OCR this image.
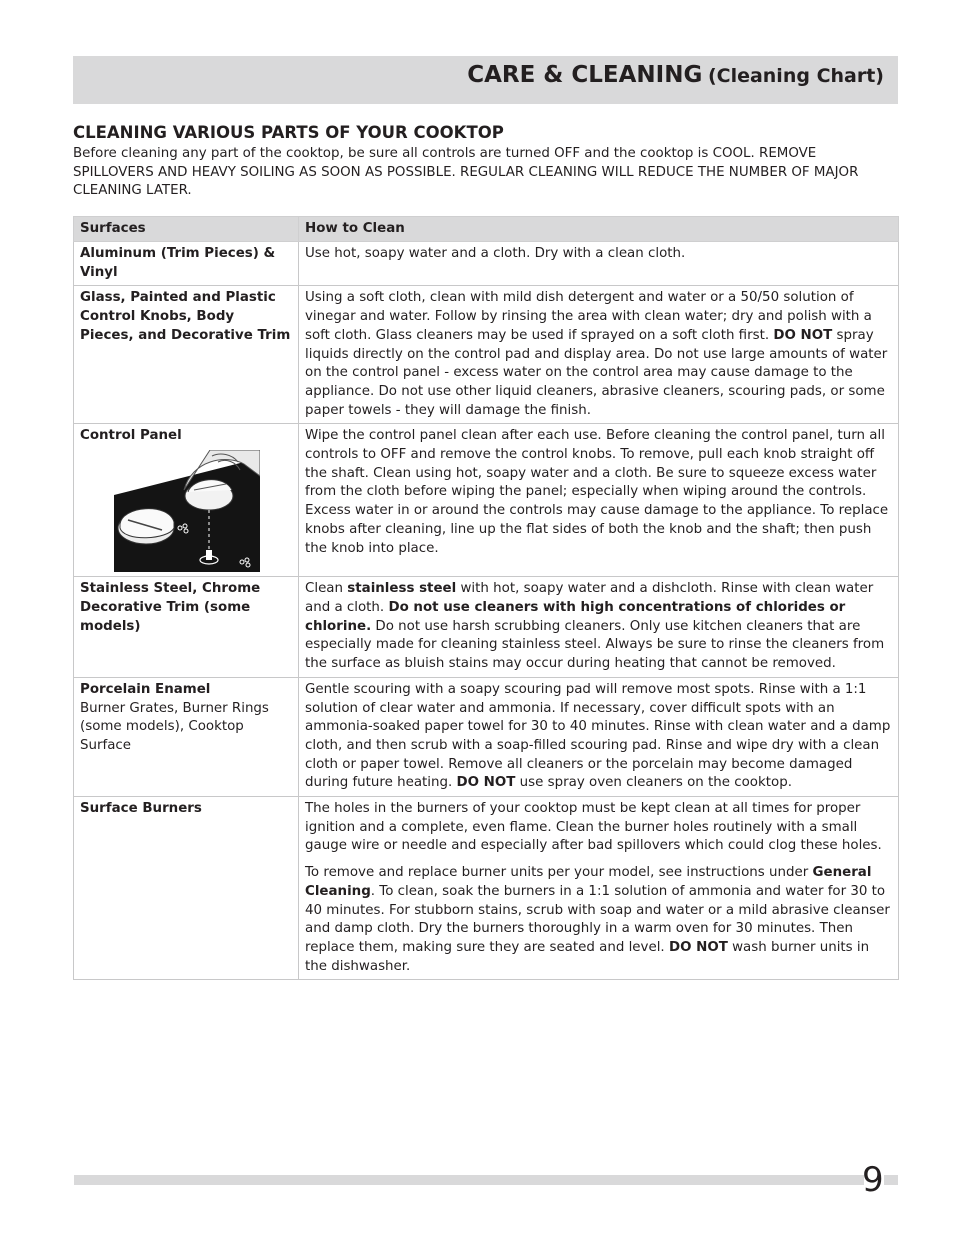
CARE & CLEANING (Cleaning Chart)
CLEANING VARIOUS PARTS OF YOUR COOKTOP
Before cleaning any part of the cooktop, be sure all controls are turned OFF and the cooktop is COOL. REMOVE SPILLOVERS AND HEAVY SOILING AS SOON AS POSSIBLE. REGULAR CLEANING WILL REDUCE THE NUMBER OF MAJOR CLEANING LATER.
Surfaces	How to Clean
Aluminum (Trim Pieces) & Vinyl	Use hot, soapy water and a cloth. Dry with a clean cloth.
Glass, Painted and Plastic Control Knobs, Body Pieces, and Decorative Trim	Using a soft cloth, clean with mild dish detergent and water or a 50/50 solution of vinegar and water. Follow by rinsing the area with clean water; dry and polish with a soft cloth. Glass cleaners may be used if sprayed on a soft cloth first. DO NOT spray liquids directly on the control pad and display area. Do not use large amounts of water on the control panel - excess water on the control area may cause damage to the appliance. Do not use other liquid cleaners, abrasive cleaners, scouring pads, or some paper towels - they will damage the finish.

Control Panel	Wipe the control panel clean after each use. Before cleaning the control panel, turn all controls to OFF and remove the control knobs. To remove, pull each knob straight off the shaft. Clean using hot, soapy water and a cloth. Be sure to squeeze excess water from the cloth before wiping the panel; especially when wiping around the controls. Excess water in or around the controls may cause damage to the appliance. To replace knobs after cleaning, line up the flat sides of both the knob and the shaft; then push the knob into place.
Stainless Steel, Chrome Decorative Trim (some models)	Clean stainless steel with hot, soapy water and a dishcloth. Rinse with clean water and a cloth. Do not use cleaners with high concentrations of chlorides or chlorine. Do not use harsh scrubbing cleaners. Only use kitchen cleaners that are especially made for cleaning stainless steel. Always be sure to rinse the cleaners from the surface as bluish stains may occur during heating that cannot be removed.

Porcelain Enamel
Burner Grates, Burner Rings (some models), Cooktop Surface	Gentle scouring with a soapy scouring pad will remove most spots. Rinse with a 1:1 solution of clear water and ammonia. If necessary, cover difficult spots with an ammonia-soaked paper towel for 30 to 40 minutes. Rinse with clean water and a damp cloth, and then scrub with a soap-filled scouring pad. Rinse and wipe dry with a clean cloth or paper towel. Remove all cleaners or the porcelain may become damaged during future heating. DO NOT use spray oven cleaners on the cooktop.
Surface Burners	The holes in the burners of your cooktop must be kept clean at all times for proper ignition and a complete, even flame. Clean the burner holes routinely with a small gauge wire or needle and especially after bad spillovers which could clog these holes.

To remove and replace burner units per your model, see instructions under General Cleaning. To clean, soak the burners in a 1:1 solution of ammonia and water for 30 to 40 minutes. For stubborn stains, scrub with soap and water or a mild abrasive cleanser and damp cloth. Dry the burners thoroughly in a warm oven for 30 minutes. Then replace them, making sure they are seated and level. DO NOT wash burner units in the dishwasher.

9
